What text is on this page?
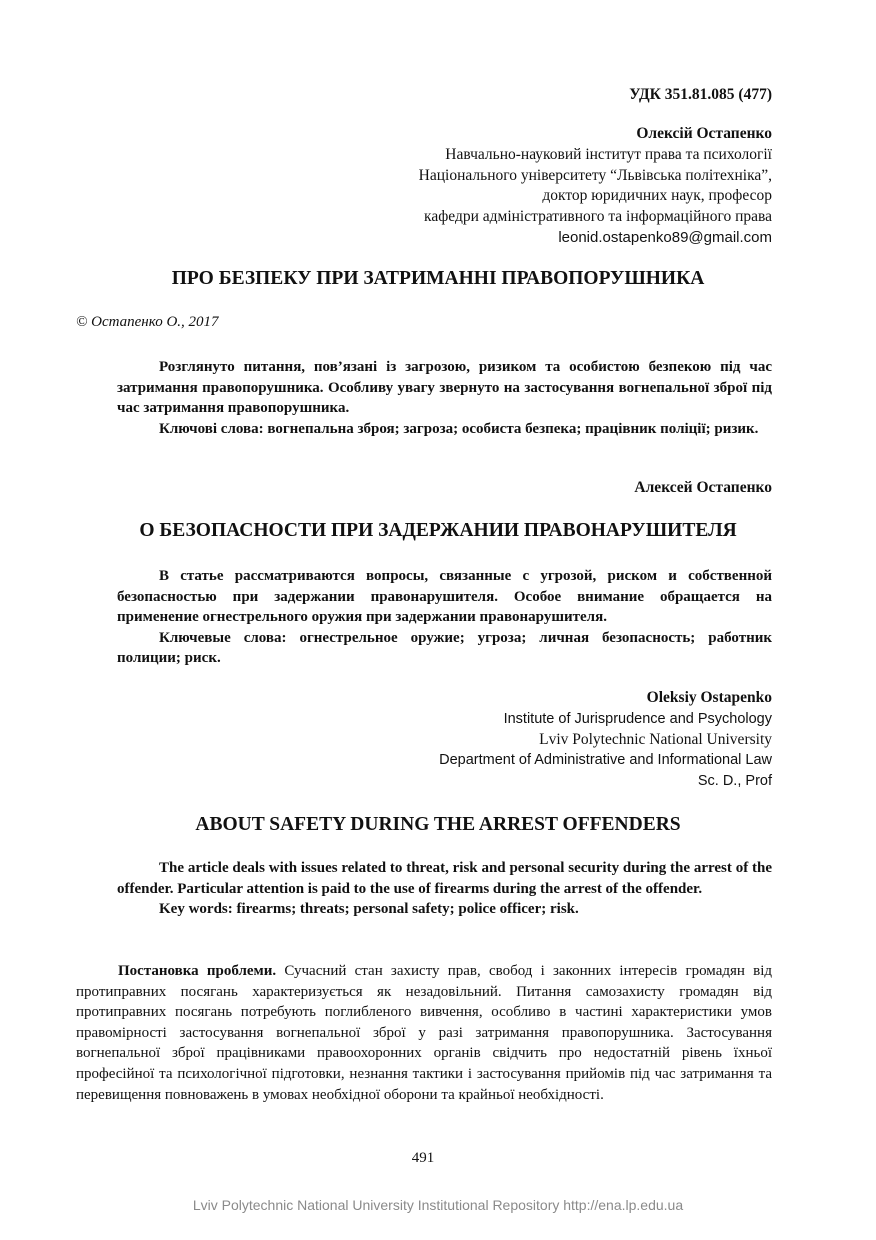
УДК 351.81.085 (477)
Олексій Остапенко
Навчально-науковий інститут права та психології
Національного університету “Львівська політехніка”,
доктор юридичних наук, професор
кафедри адміністративного та інформаційного права
leonid.ostapenko89@gmail.com
ПРО БЕЗПЕКУ ПРИ ЗАТРИМАННІ ПРАВОПОРУШНИКА
© Остапенко О., 2017

Розглянуто питання, пов’язані із загрозою, ризиком та особистою безпекою під час затримання правопорушника. Особливу увагу звернуто на застосування вогнепальної зброї під час затримання правопорушника.

Ключові слова: вогнепальна зброя; загроза; особиста безпека; працівник поліції; ризик.

Алексей Остапенко
О БЕЗОПАСНОСТИ ПРИ ЗАДЕРЖАНИИ ПРАВОНАРУШИТЕЛЯ

В статье рассматриваются вопросы, связанные с угрозой, риском и собственной безопасностью при задержании правонарушителя. Особое внимание обращается на применение огнестрельного оружия при задержании правонарушителя.

Ключевые слова: огнестрельное оружие; угроза; личная безопасность; работник полиции; риск.

Oleksiy Ostapenko
Institute of Jurisprudence and Psychology
Lviv Polytechnic National University
Department of Administrative and Informational Law
Sc. D., Prof
ABOUT SAFETY DURING THE ARREST OFFENDERS

The article deals with issues related to threat, risk and personal security during the arrest of the offender. Particular attention is paid to the use of firearms during the arrest of the offender.

Key words: firearms; threats; personal safety; police officer; risk.

Постановка проблеми. Сучасний стан захисту прав, свобод і законних інтересів громадян від протиправних посягань характеризується як незадовільний. Питання самозахисту громадян від протиправних посягань потребують поглибленого вивчення, особливо в частині характеристики умов правомірності застосування вогнепальної зброї у разі затримання правопорушника. Застосування вогнепальної зброї працівниками правоохоронних органів свідчить про недостатній рівень їхньої професійної та психологічної підготовки, незнання тактики і застосування прийомів під час затримання та перевищення повноважень в умовах необхідної оборони та крайньої необхідності.

491
Lviv Polytechnic National University Institutional Repository http://ena.lp.edu.ua
